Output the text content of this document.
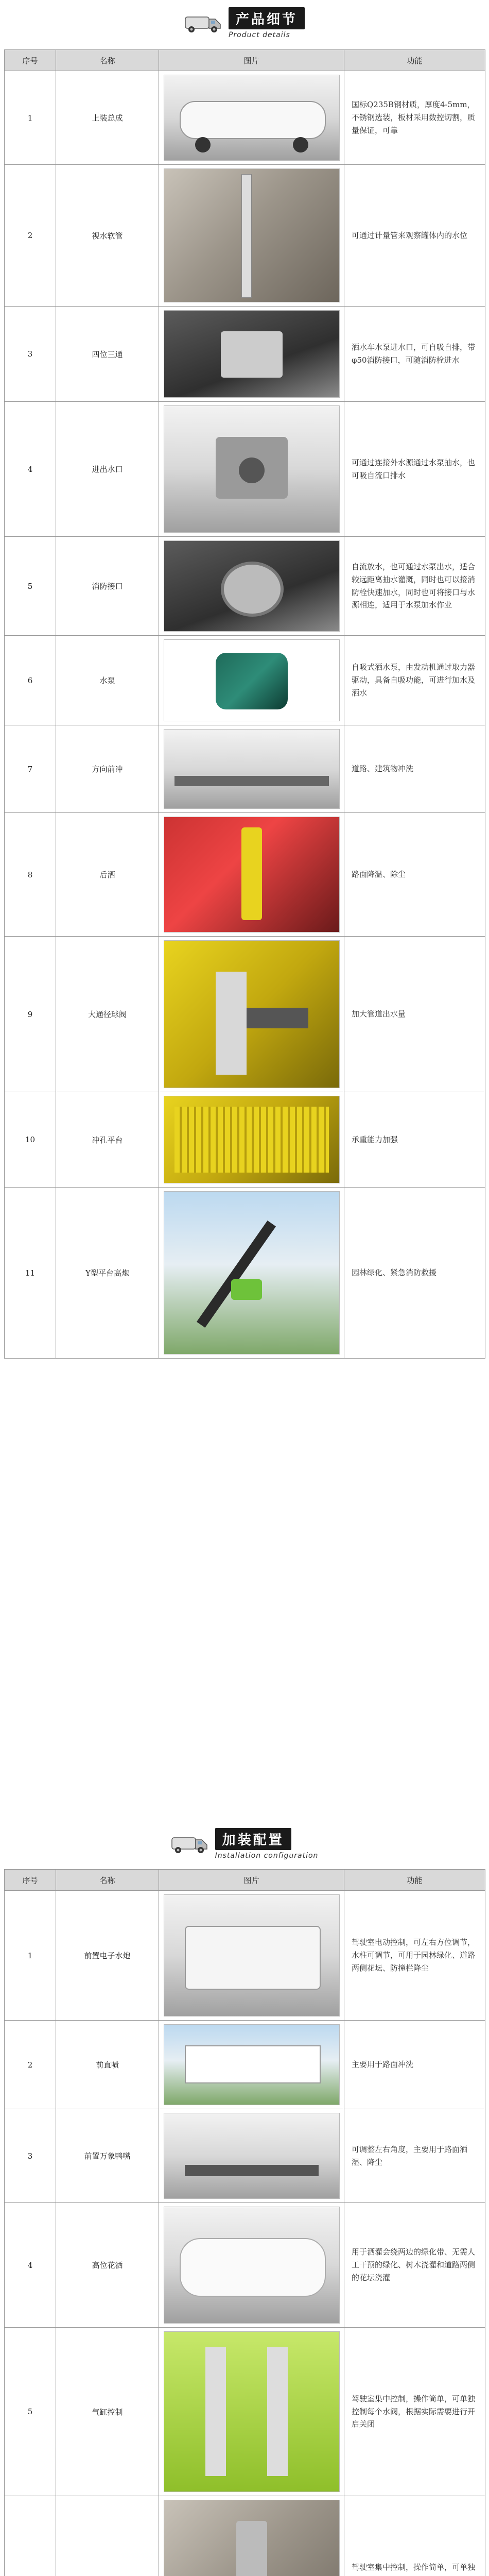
产品细节
Product details
序号	名称	图片	功能
1	上装总成		国标Q235B钢材质，厚度4-5mm，不锈钢选装，板材采用数控切割，质量保证，可靠
2	视水软管		可通过计量管来观察罐体内的水位
3	四位三通		洒水车水泵进水口，可自吸自排，带φ50消防接口，可随消防栓进水
4	进出水口		可通过连接外水源通过水泵抽水，也可吸自流口排水
5	消防接口		自流放水，也可通过水泵出水，适合较远距离抽水灌溉，同时也可以接消防栓快速加水，同时也可将接口与水源相连，适用于水泵加水作业
6	水泵		自吸式洒水泵，由发动机通过取力器驱动，具备自吸功能，可进行加水及洒水
7	方向前冲		道路、建筑物冲洗
8	后洒		路面降温、除尘
9	大通径球阀		加大管道出水量
10	冲孔平台		承重能力加强
11	Y型平台高炮		园林绿化、紧急消防救援
加装配置
Installation configuration
序号	名称	图片	功能
1	前置电子水炮		驾驶室电动控制，可左右方位调节，水柱可调节，可用于园林绿化、道路两侧花坛、防撞栏降尘
2	前直喷		主要用于路面冲洗
3	前置万象鸭嘴		可调整左右角度，主要用于路面洒湿、降尘
4	高位花洒		用于洒灌会绕两边的绿化带、无需人工干预的绿化、树木浇灌和道路两侧的花坛浇灌
5	气缸控制		驾驶室集中控制，操作简单，可单独控制每个水阀，根据实际需要进行开启关闭

	驾驶室集中控制，操作简单，可单独
